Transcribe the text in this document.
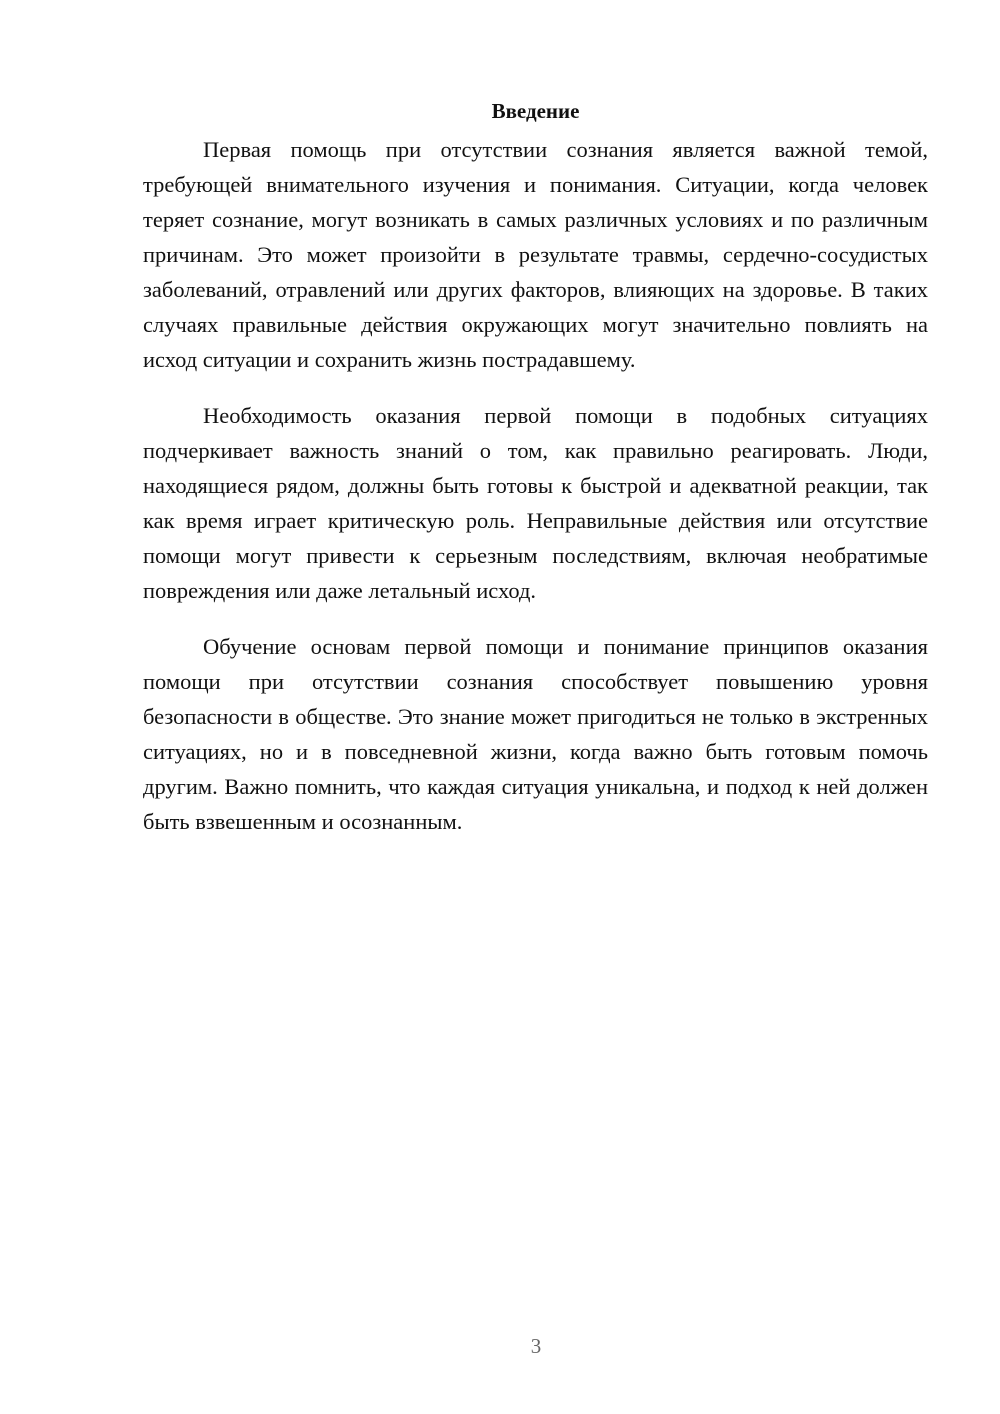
Введение

Первая помощь при отсутствии сознания является важной темой, требующей внимательного изучения и понимания. Ситуации, когда человек теряет сознание, могут возникать в самых различных условиях и по различным причинам. Это может произойти в результате травмы, сердечно-сосудистых заболеваний, отравлений или других факторов, влияющих на здоровье. В таких случаях правильные действия окружающих могут значительно повлиять на исход ситуации и сохранить жизнь пострадавшему.

Необходимость оказания первой помощи в подобных ситуациях подчеркивает важность знаний о том, как правильно реагировать. Люди, находящиеся рядом, должны быть готовы к быстрой и адекватной реакции, так как время играет критическую роль. Неправильные действия или отсутствие помощи могут привести к серьезным последствиям, включая необратимые повреждения или даже летальный исход.

Обучение основам первой помощи и понимание принципов оказания помощи при отсутствии сознания способствует повышению уровня безопасности в обществе. Это знание может пригодиться не только в экстренных ситуациях, но и в повседневной жизни, когда важно быть готовым помочь другим. Важно помнить, что каждая ситуация уникальна, и подход к ней должен быть взвешенным и осознанным.

3
